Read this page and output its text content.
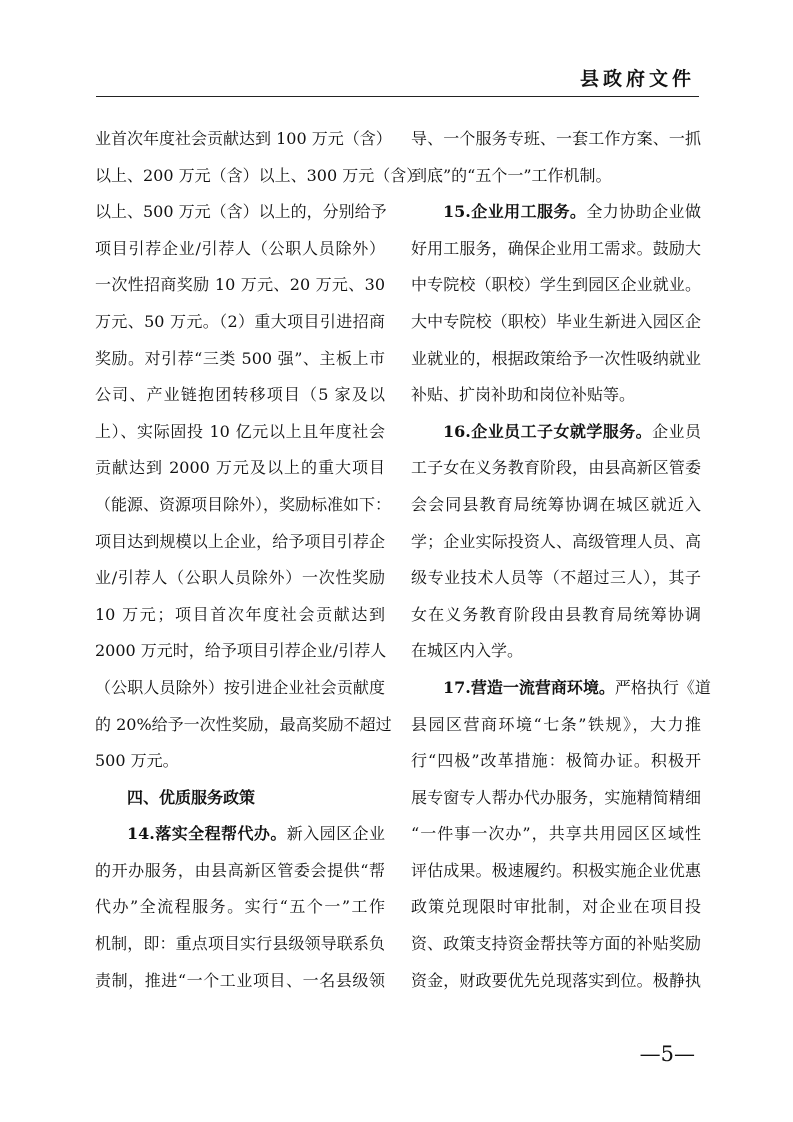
县政府文件
业首次年度社会贡献达到 100 万元（含）
以上、200 万元（含）以上、300 万元（含）
以上、500 万元（含）以上的，分别给予
项目引荐企业/引荐人（公职人员除外）
一次性招商奖励 10 万元、20 万元、30
万元、50 万元。（2）重大项目引进招商
奖励。对引荐“三类 500 强”、主板上市
公司、产业链抱团转移项目（5 家及以
上）、实际固投 10 亿元以上且年度社会
贡献达到 2000 万元及以上的重大项目
（能源、资源项目除外），奖励标准如下：
项目达到规模以上企业，给予项目引荐企
业/引荐人（公职人员除外）一次性奖励
10 万元；项目首次年度社会贡献达到
2000 万元时，给予项目引荐企业/引荐人
（公职人员除外）按引进企业社会贡献度
的 20%给予一次性奖励，最高奖励不超过
500 万元。
四、优质服务政策
14.落实全程帮代办。新入园区企业
的开办服务，由县高新区管委会提供“帮
代办”全流程服务。实行“五个一”工作
机制，即：重点项目实行县级领导联系负
责制，推进“一个工业项目、一名县级领
导、一个服务专班、一套工作方案、一抓
到底”的“五个一”工作机制。
15.企业用工服务。全力协助企业做
好用工服务，确保企业用工需求。鼓励大
中专院校（职校）学生到园区企业就业。
大中专院校（职校）毕业生新进入园区企
业就业的，根据政策给予一次性吸纳就业
补贴、扩岗补助和岗位补贴等。
16.企业员工子女就学服务。企业员
工子女在义务教育阶段，由县高新区管委
会会同县教育局统筹协调在城区就近入
学；企业实际投资人、高级管理人员、高
级专业技术人员等（不超过三人），其子
女在义务教育阶段由县教育局统筹协调
在城区内入学。
17.营造一流营商环境。严格执行《道
县园区营商环境“七条”铁规》，大力推
行“四极”改革措施：极简办证。积极开
展专窗专人帮办代办服务，实施精简精细
“一件事一次办”，共享共用园区区域性
评估成果。极速履约。积极实施企业优惠
政策兑现限时审批制，对企业在项目投
资、政策支持资金帮扶等方面的补贴奖励
资金，财政要优先兑现落实到位。极静执
—5—
